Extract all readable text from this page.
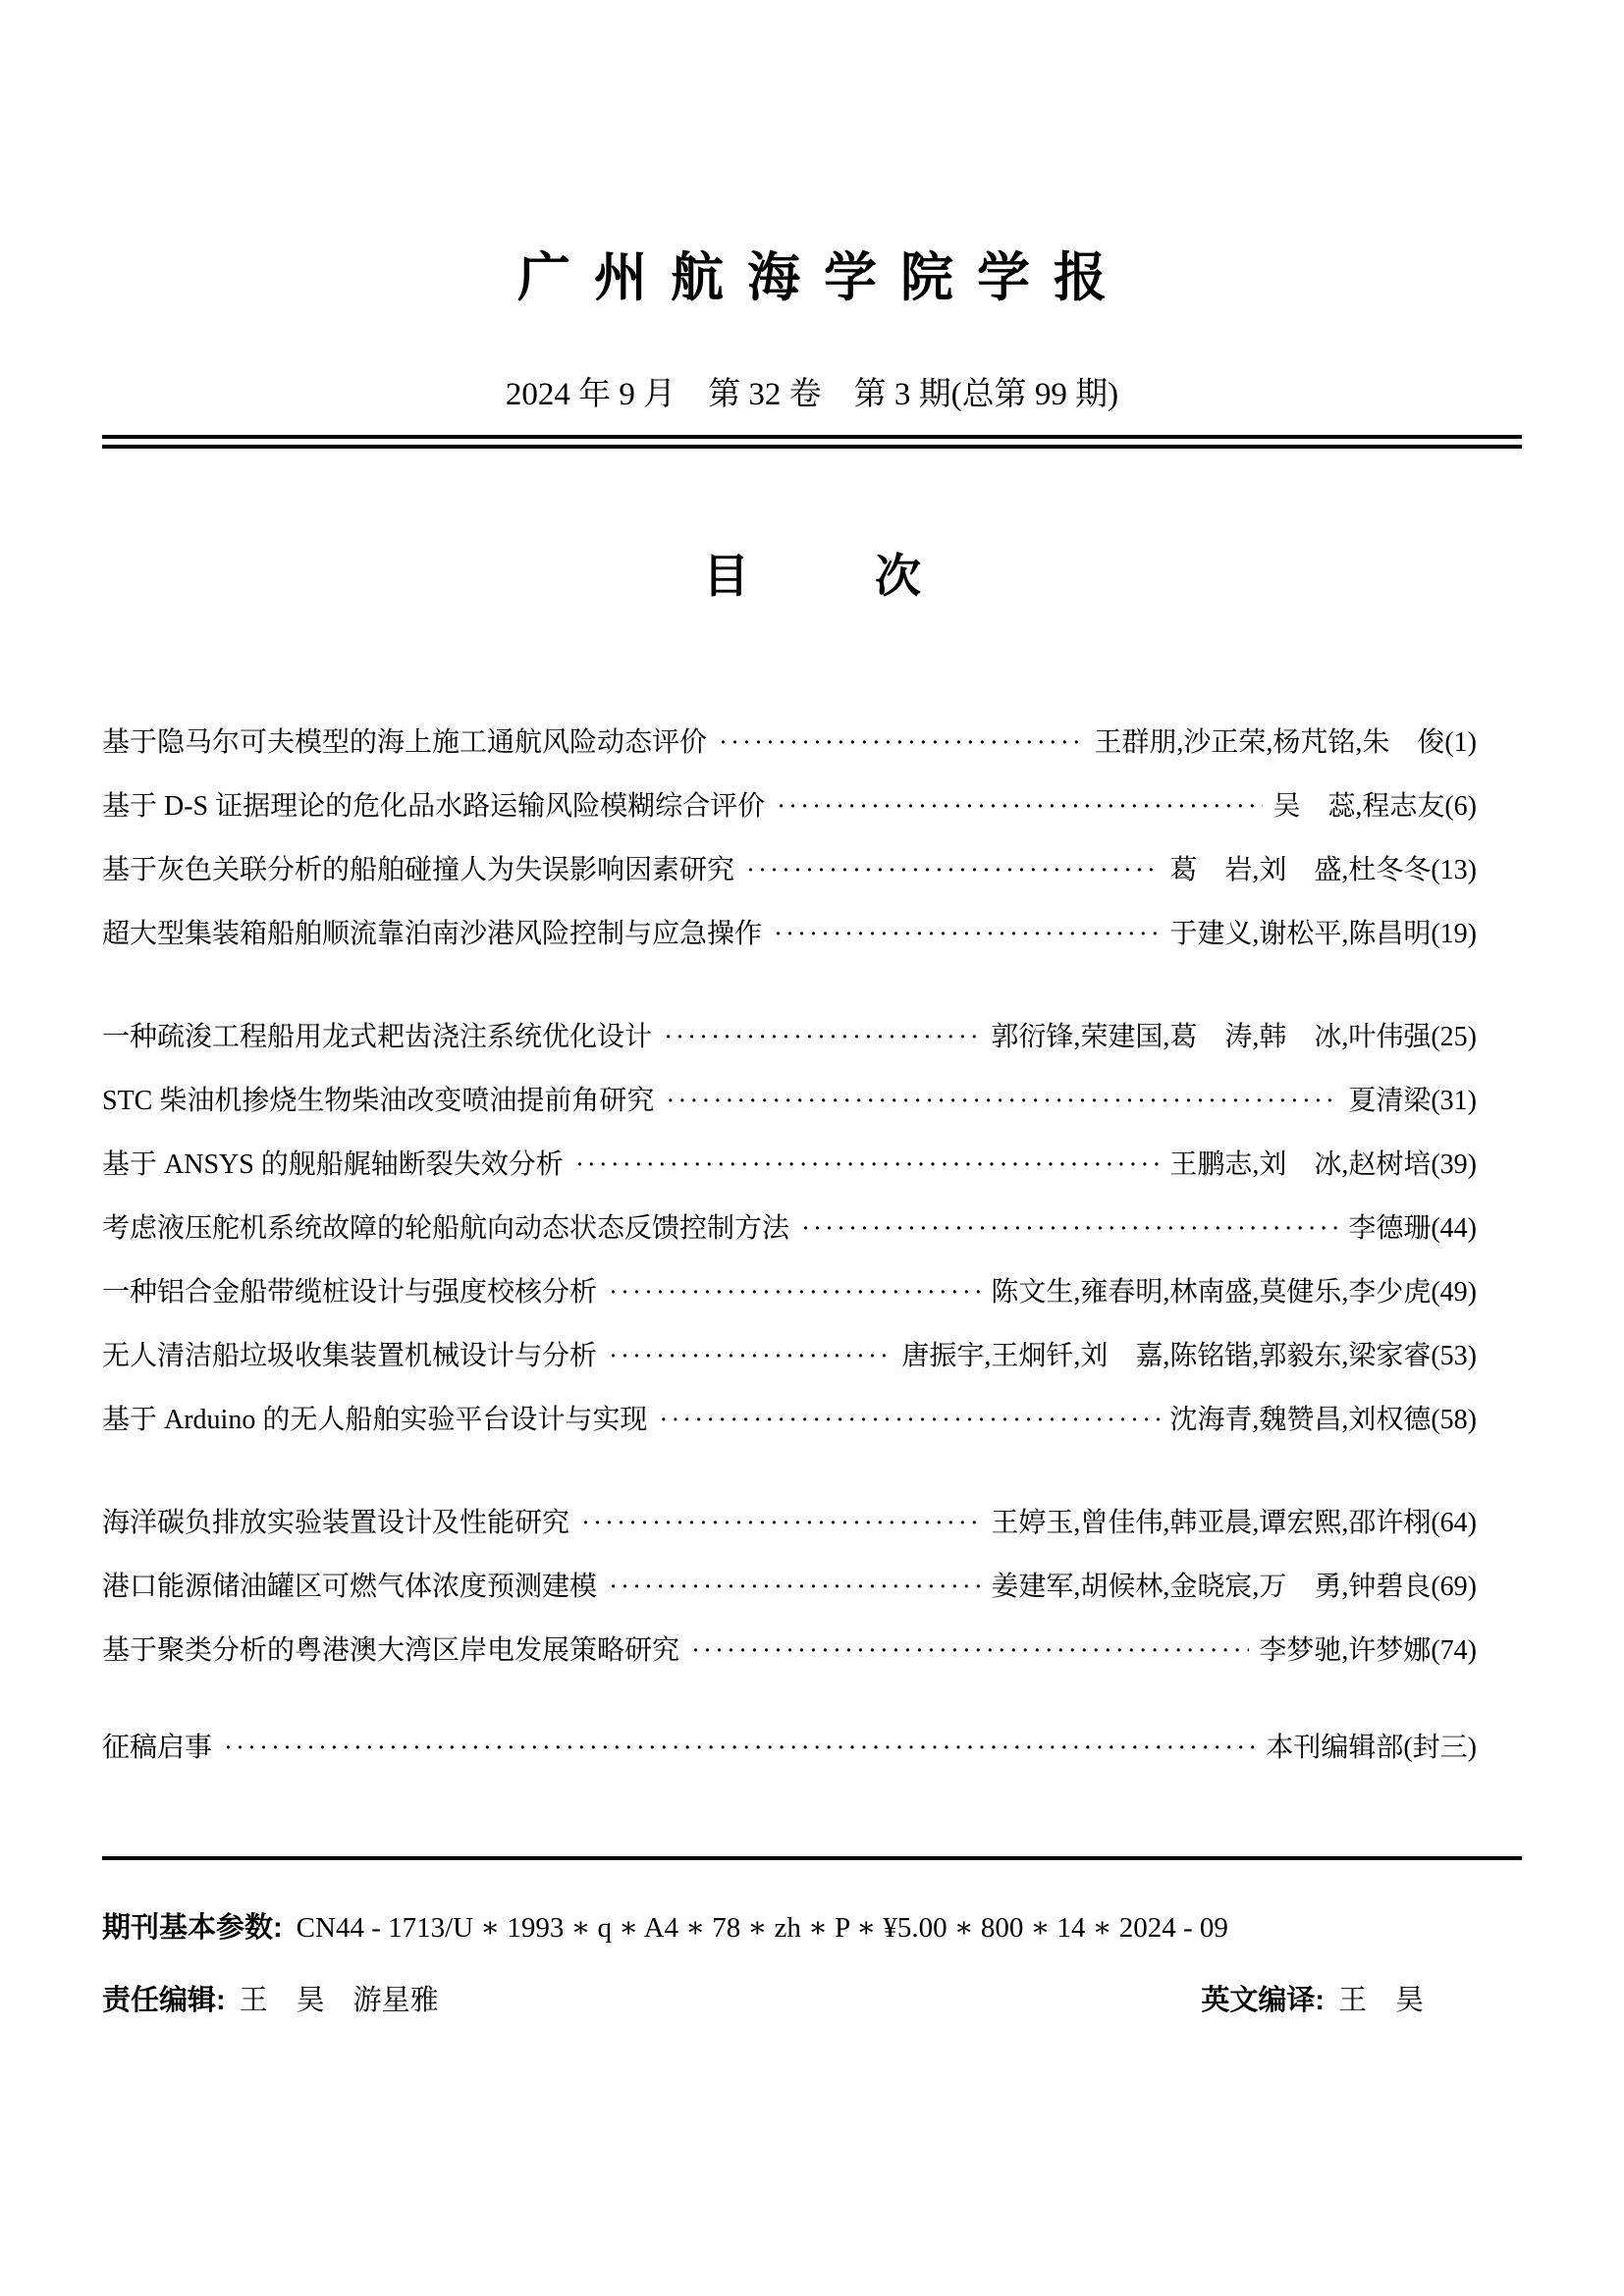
广州航海学院学报
2024 年 9 月　第 32 卷　第 3 期(总第 99 期)
目次
基于隐马尔可夫模型的海上施工通航风险动态评价 ·····	王群朋,沙正荣,杨芃铭,朱　俊 (1)
基于 D-S 证据理论的危化品水路运输风险模糊综合评价 ·····	吴　蕊,程志友 (6)
基于灰色关联分析的船舶碰撞人为失误影响因素研究 ·····	葛　岩,刘　盛,杜冬冬 (13)
超大型集装箱船舶顺流靠泊南沙港风险控制与应急操作 ·····	于建义,谢松平,陈昌明 (19)
一种疏浚工程船用龙式耙齿浇注系统优化设计 ·····	郭衍锋,荣建国,葛　涛,韩　冰,叶伟强 (25)
STC 柴油机掺烧生物柴油改变喷油提前角研究 ·····	夏清梁 (31)
基于 ANSYS 的舰船艉轴断裂失效分析 ·····	王鹏志,刘　冰,赵树培 (39)
考虑液压舵机系统故障的轮船航向动态状态反馈控制方法 ·····	李德珊 (44)
一种铝合金船带缆桩设计与强度校核分析 ·····	陈文生,雍春明,林南盛,莫健乐,李少虎 (49)
无人清洁船垃圾收集装置机械设计与分析 ·····	唐振宇,王炯钎,刘　嘉,陈铭锴,郭毅东,梁家睿 (53)
基于 Arduino 的无人船舶实验平台设计与实现 ·····	沈海青,魏赞昌,刘权德 (58)
海洋碳负排放实验装置设计及性能研究 ·····	王婷玉,曾佳伟,韩亚晨,谭宏熙,邵许栩 (64)
港口能源储油罐区可燃气体浓度预测建模 ·····	姜建军,胡候林,金晓宸,万　勇,钟碧良 (69)
基于聚类分析的粤港澳大湾区岸电发展策略研究 ·····	李梦驰,许梦娜 (74)
征稿启事 ·····	本刊编辑部 (封三)
期刊基本参数: CN44 - 1713/U ∗ 1993 ∗ q ∗ A4 ∗ 78 ∗ zh ∗ P ∗ ¥5.00 ∗ 800 ∗ 14 ∗ 2024 - 09
责任编辑: 王　昊　游星雅	英文编译: 王　昊
